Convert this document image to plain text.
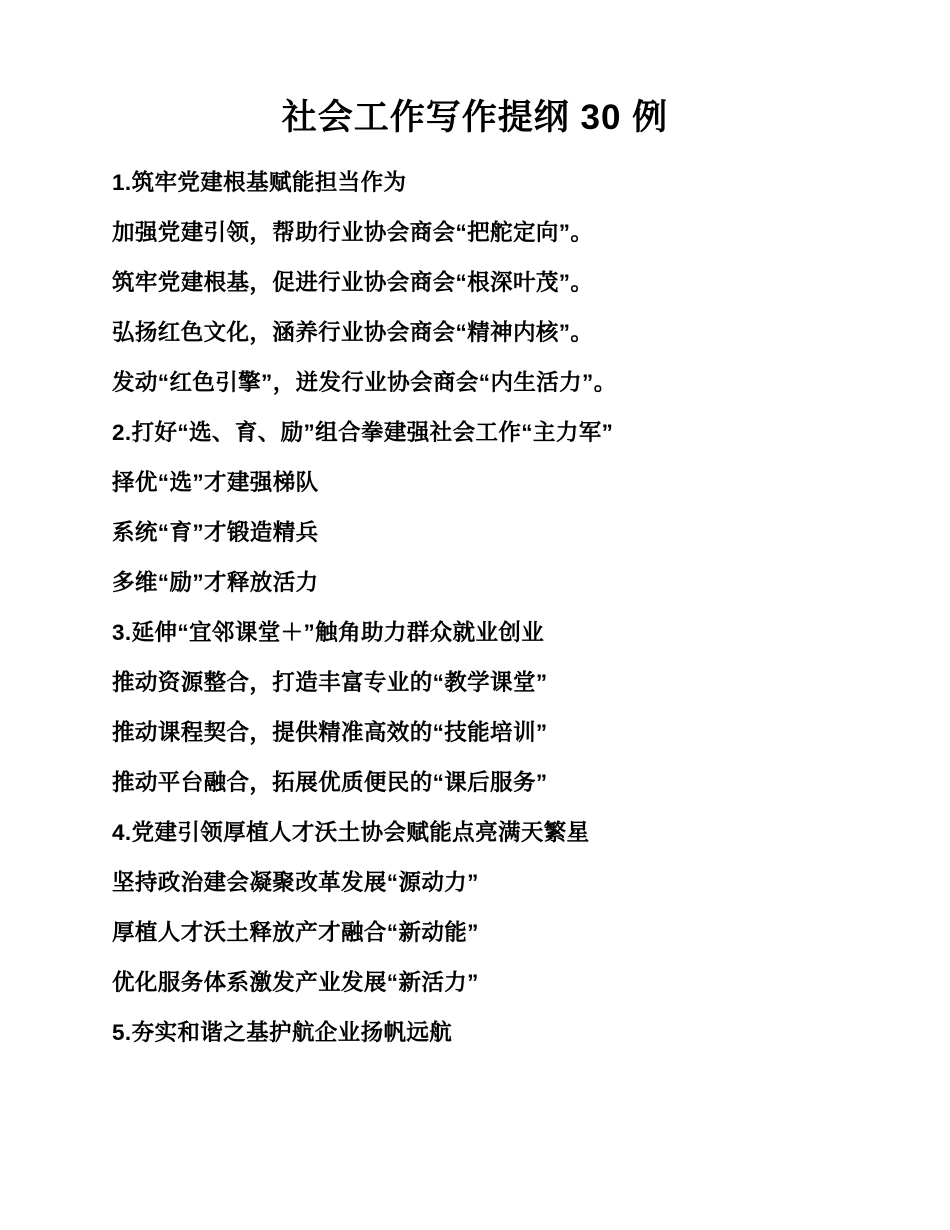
社会工作写作提纲 30 例
1.筑牢党建根基赋能担当作为
加强党建引领，帮助行业协会商会“把舵定向”。
筑牢党建根基，促进行业协会商会“根深叶茂”。
弘扬红色文化，涵养行业协会商会“精神内核”。
发动“红色引擎”，迸发行业协会商会“内生活力”。
2.打好“选、育、励”组合拳建强社会工作“主力军”
择优“选”才建强梯队
系统“育”才锻造精兵
多维“励”才释放活力
3.延伸“宜邻课堂＋”触角助力群众就业创业
推动资源整合，打造丰富专业的“教学课堂”
推动课程契合，提供精准高效的“技能培训”
推动平台融合，拓展优质便民的“课后服务”
4.党建引领厚植人才沃土协会赋能点亮满天繁星
坚持政治建会凝聚改革发展“源动力”
厚植人才沃土释放产才融合“新动能”
优化服务体系激发产业发展“新活力”
5.夯实和谐之基护航企业扬帆远航
